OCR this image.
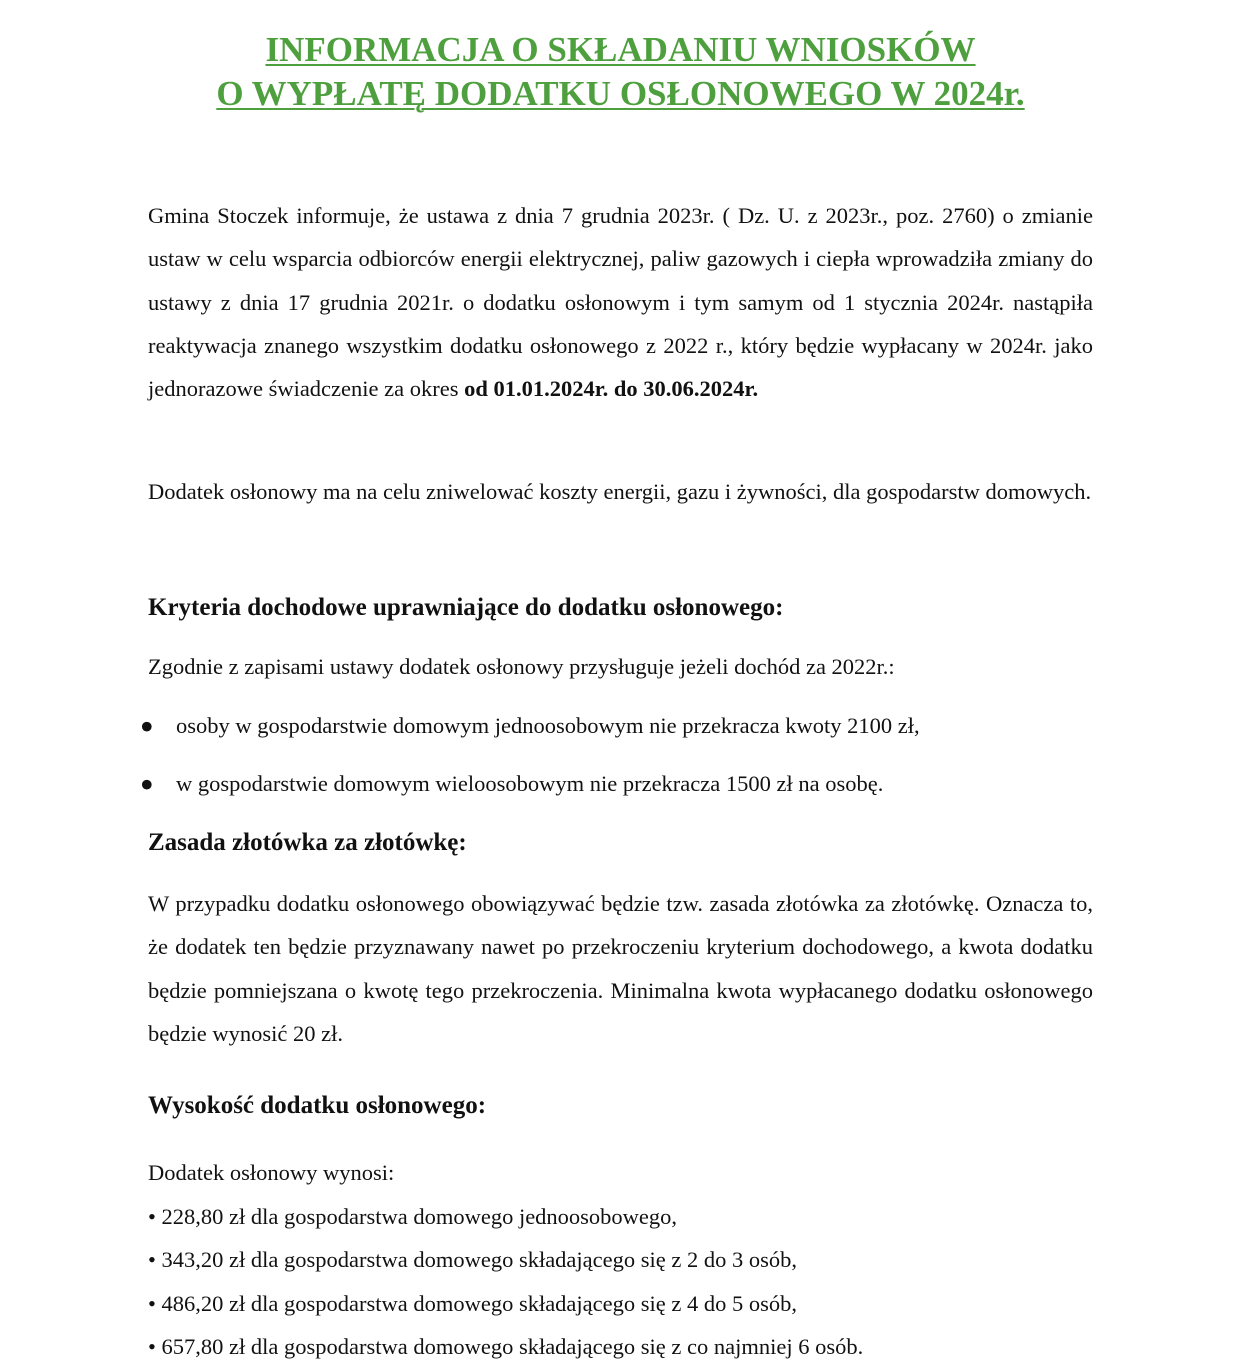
INFORMACJA O SKŁADANIU WNIOSKÓW
O WYPŁATĘ DODATKU OSŁONOWEGO W 2024r.
Gmina Stoczek informuje, że ustawa z dnia 7 grudnia 2023r. ( Dz. U. z 2023r., poz. 2760) o zmianie ustaw w celu wsparcia odbiorców energii elektrycznej, paliw gazowych i ciepła wprowadziła zmiany do ustawy z dnia 17 grudnia 2021r. o dodatku osłonowym i tym samym od 1 stycznia 2024r. nastąpiła reaktywacja znanego wszystkim dodatku osłonowego z 2022 r., który będzie wypłacany w 2024r. jako jednorazowe świadczenie za okres od 01.01.2024r. do 30.06.2024r.
Dodatek osłonowy ma na celu zniwelować koszty energii, gazu i żywności, dla gospodarstw domowych.
Kryteria dochodowe uprawniające do dodatku osłonowego:
Zgodnie z zapisami ustawy dodatek osłonowy przysługuje jeżeli dochód za 2022r.:
● osoby w gospodarstwie domowym jednoosobowym nie przekracza kwoty 2100 zł,
● w gospodarstwie domowym wieloosobowym nie przekracza 1500 zł na osobę.
Zasada złotówka za złotówkę:
W przypadku dodatku osłonowego obowiązywać będzie tzw. zasada złotówka za złotówkę. Oznacza to, że dodatek ten będzie przyznawany nawet po przekroczeniu kryterium dochodowego, a kwota dodatku będzie pomniejszana o kwotę tego przekroczenia. Minimalna kwota wypłacanego dodatku osłonowego będzie wynosić 20 zł.
Wysokość dodatku osłonowego:
Dodatek osłonowy wynosi:
• 228,80 zł dla gospodarstwa domowego jednoosobowego,
• 343,20 zł dla gospodarstwa domowego składającego się z 2 do 3 osób,
• 486,20 zł dla gospodarstwa domowego składającego się z 4 do 5 osób,
• 657,80 zł dla gospodarstwa domowego składającego się z co najmniej 6 osób.
